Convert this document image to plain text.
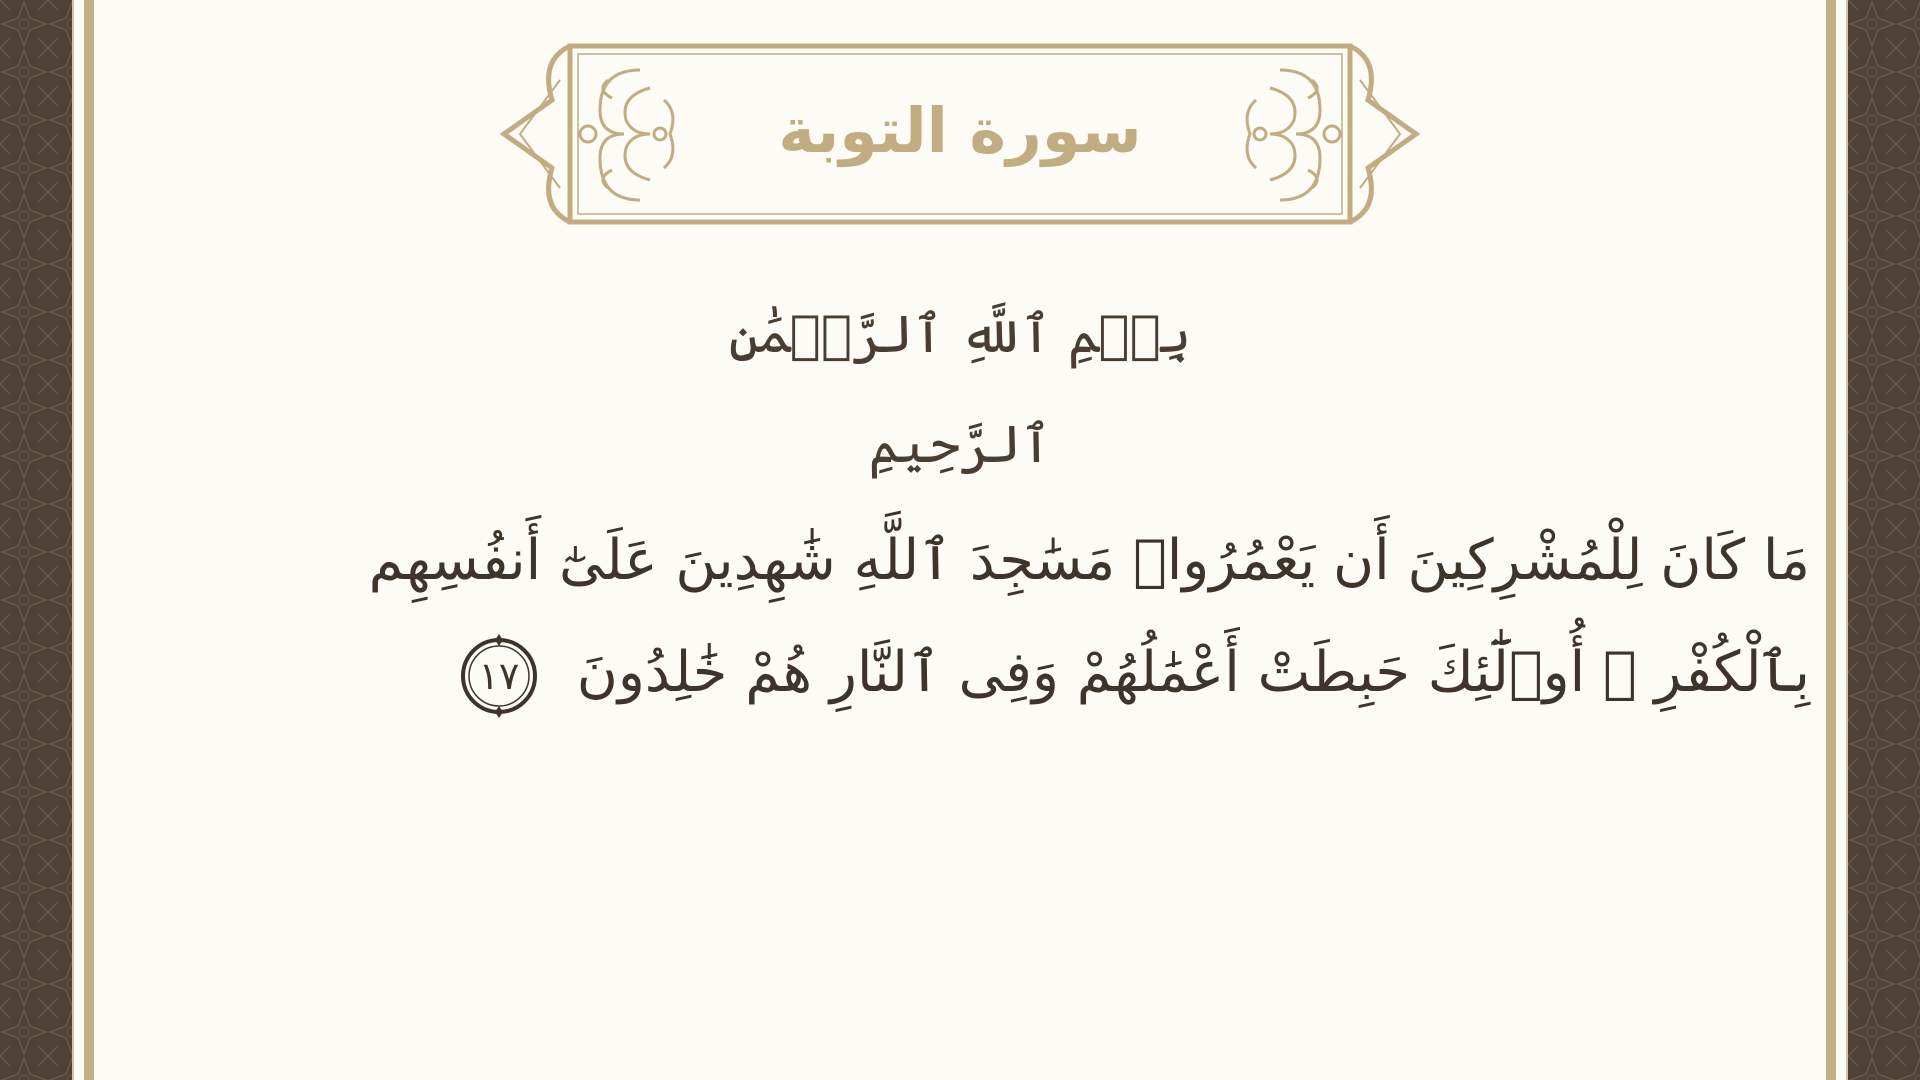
سورة التوبة
بِسۡمِ ٱللَّهِ ٱلرَّحۡمَٰنِ ٱلرَّحِيمِ
مَا كَانَ لِلْمُشْرِكِينَ أَن يَعْمُرُوا۟ مَسَٰجِدَ ٱللَّهِ شَٰهِدِينَ عَلَىٰٓ أَنفُسِهِم بِٱلْكُفْرِ ۚ أُو۟لَٰٓئِكَ حَبِطَتْ أَعْمَٰلُهُمْ وَفِى ٱلنَّارِ هُمْ خَٰلِدُونَ
١٧
